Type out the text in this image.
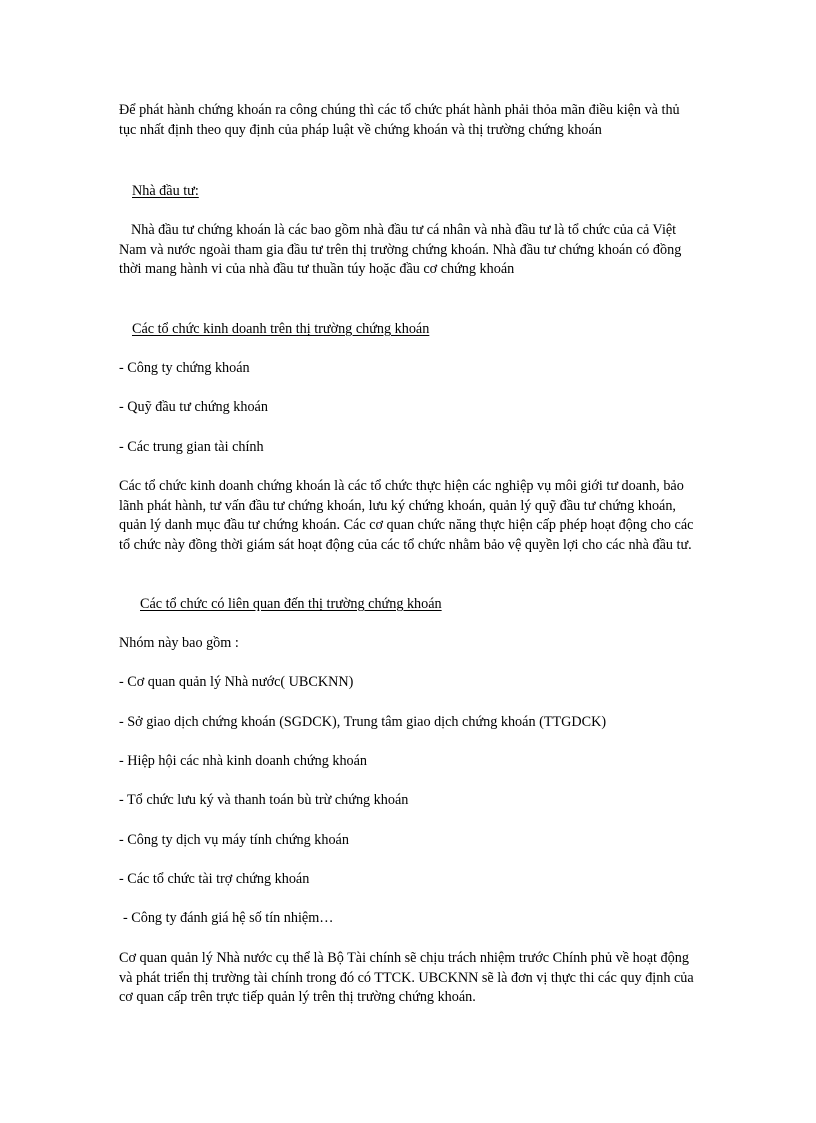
Để phát hành chứng khoán ra công chúng thì các tổ chức phát hành phải thỏa mãn điều kiện và thủ tục nhất định theo quy định của pháp luật về chứng khoán và thị trường chứng khoán

Nhà đầu tư:

Nhà đầu tư chứng khoán là các bao gồm nhà đầu tư cá nhân và nhà đầu tư là tổ chức của cả Việt Nam và nước ngoài tham gia đầu tư trên thị trường chứng khoán. Nhà đầu tư chứng khoán có đồng thời mang hành vi của nhà đầu tư thuần túy hoặc đầu cơ chứng khoán

Các tổ chức kinh doanh trên thị trường chứng khoán

- Công ty chứng khoán

- Quỹ đầu tư chứng khoán

- Các trung gian tài chính

Các tổ chức kinh doanh chứng khoán là các tổ chức thực hiện các nghiệp vụ môi giới tư doanh, bảo lãnh phát hành, tư vấn đầu tư chứng khoán, lưu ký chứng khoán, quản lý quỹ đầu tư chứng khoán, quản lý danh mục đầu tư chứng khoán. Các cơ quan chức năng thực hiện cấp phép hoạt động cho các tổ chức này đồng thời giám sát hoạt động của các tổ chức nhằm bảo vệ quyền lợi cho các nhà đầu tư.

Các tổ chức có liên quan đến thị trường chứng khoán

Nhóm này bao gồm :

- Cơ quan quản lý Nhà nước( UBCKNN)

- Sở giao dịch chứng khoán (SGDCK), Trung tâm giao dịch chứng khoán (TTGDCK)

- Hiệp hội các nhà kinh doanh chứng khoán

- Tổ chức lưu ký và thanh toán bù trừ chứng khoán

- Công ty dịch vụ máy tính chứng khoán

- Các tổ chức tài trợ chứng khoán

- Công ty đánh giá hệ số tín nhiệm…

Cơ quan quản lý Nhà nước cụ thể là Bộ Tài chính sẽ chịu trách nhiệm trước Chính phủ về hoạt động và phát triển thị trường tài chính trong đó có TTCK. UBCKNN sẽ là đơn vị thực thi các quy định của cơ quan cấp trên trực tiếp quản lý trên thị trường chứng khoán.
